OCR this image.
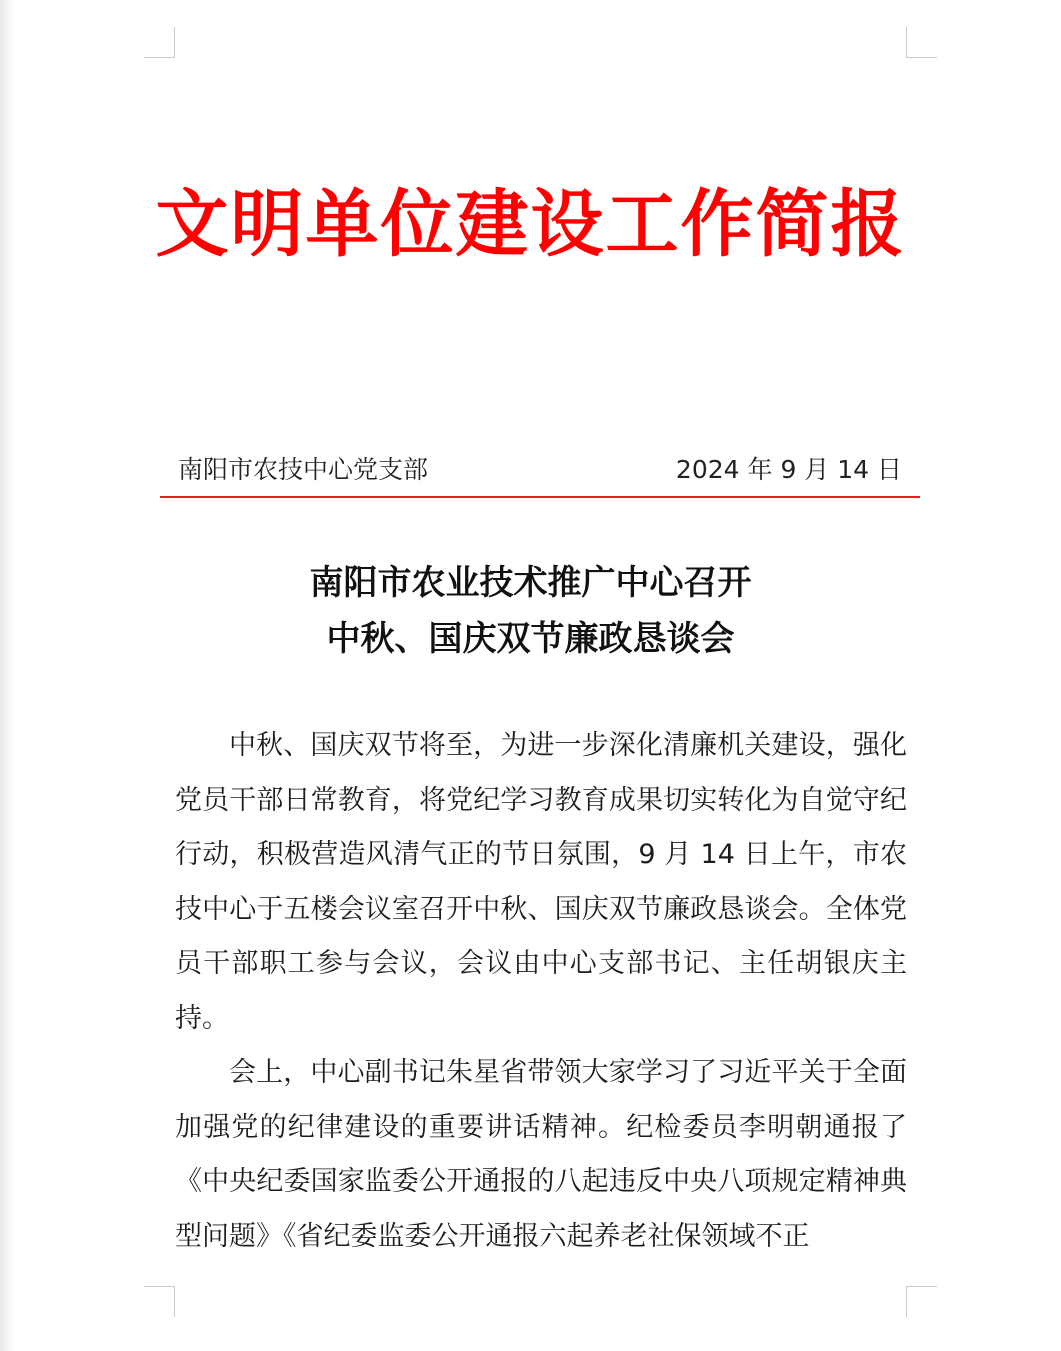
文明单位建设工作简报
南阳市农技中心党支部	2024 年 9 月 14 日
南阳市农业技术推广中心召开
中秋、国庆双节廉政恳谈会

中秋、国庆双节将至，为进一步深化清廉机关建设，强化党员干部日常教育，将党纪学习教育成果切实转化为自觉守纪行动，积极营造风清气正的节日氛围，9 月 14 日上午，市农技中心于五楼会议室召开中秋、国庆双节廉政恳谈会。全体党员干部职工参与会议，会议由中心支部书记、主任胡银庆主持。

会上，中心副书记朱星省带领大家学习了习近平关于全面加强党的纪律建设的重要讲话精神。纪检委员李明朝通报了《中央纪委国家监委公开通报的八起违反中央八项规定精神典型问题》《省纪委监委公开通报六起养老社保领域不正
